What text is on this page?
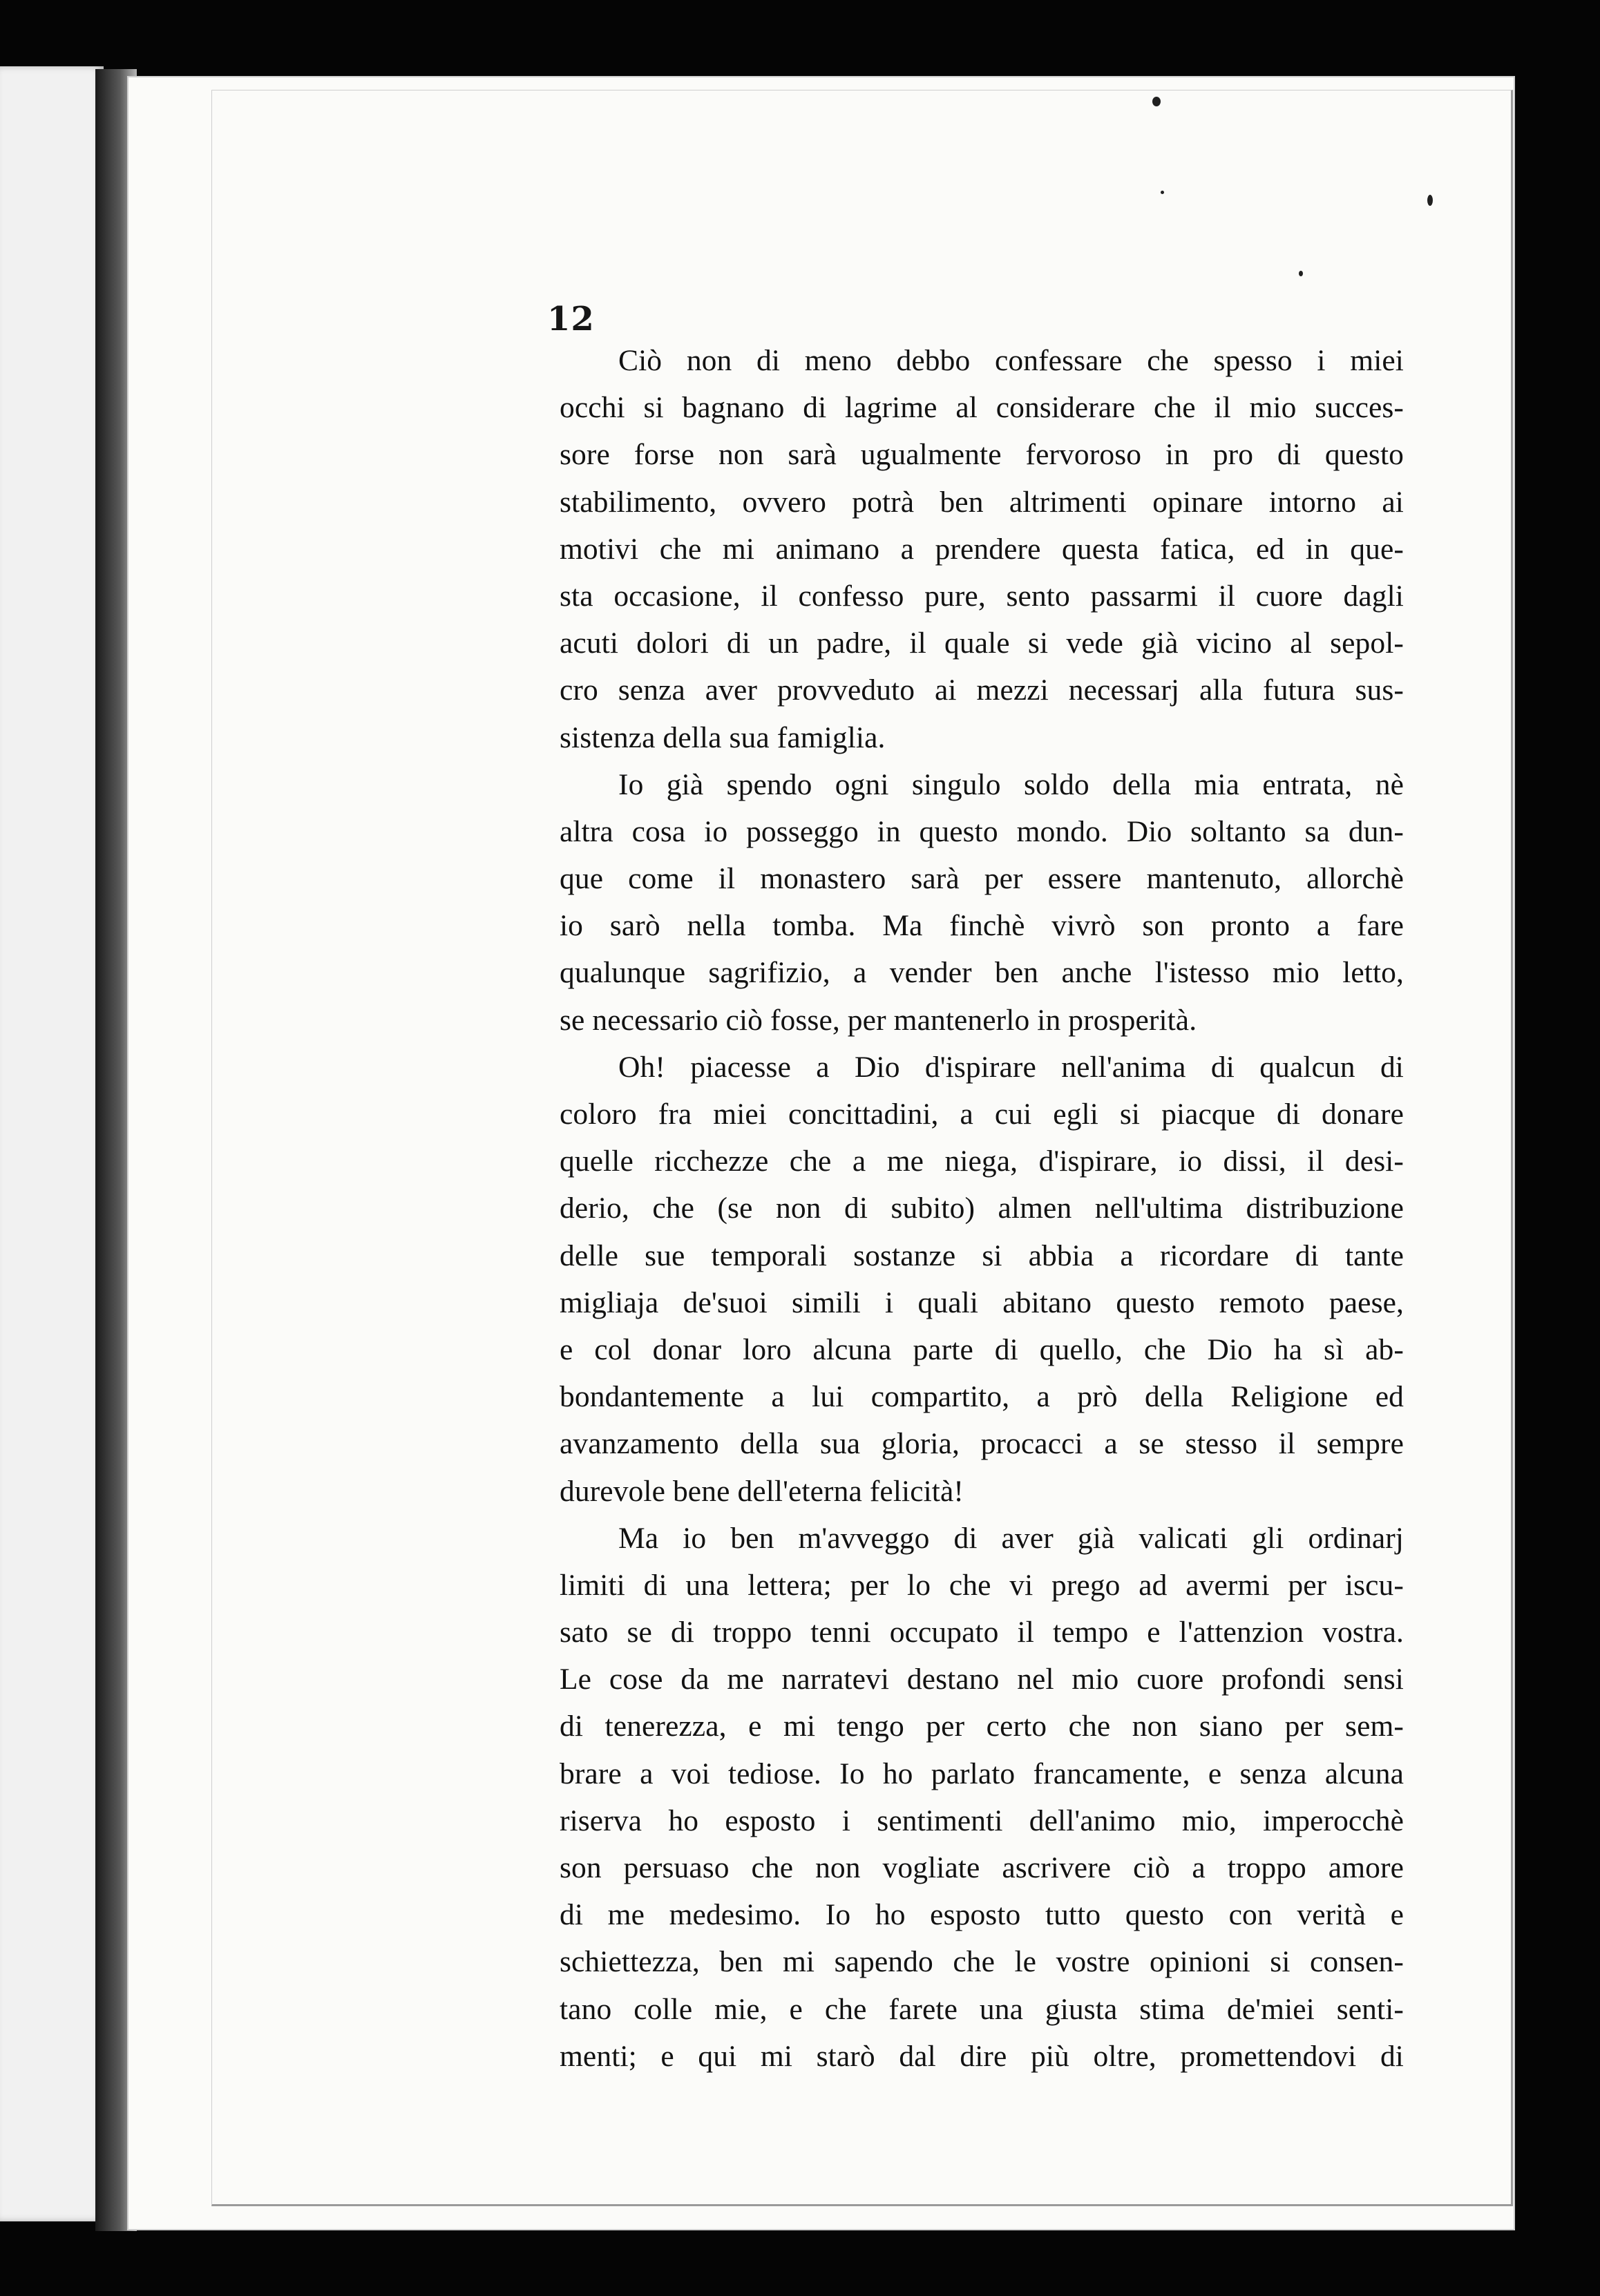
12
Ciò non di meno debbo confessare che spesso i miei
occhi si bagnano di lagrime al considerare che il mio succes-
sore forse non sarà ugualmente fervoroso in pro di questo
stabilimento, ovvero potrà ben altrimenti opinare intorno ai
motivi che mi animano a prendere questa fatica, ed in que-
sta occasione, il confesso pure, sento passarmi il cuore dagli
acuti dolori di un padre, il quale si vede già vicino al sepol-
cro senza aver provveduto ai mezzi necessarj alla futura sus-
sistenza della sua famiglia.
Io già spendo ogni singulo soldo della mia entrata, nè
altra cosa io posseggo in questo mondo. Dio soltanto sa dun-
que come il monastero sarà per essere mantenuto, allorchè
io sarò nella tomba. Ma finchè vivrò son pronto a fare
qualunque sagrifizio, a vender ben anche l'istesso mio letto,
se necessario ciò fosse, per mantenerlo in prosperità.
Oh! piacesse a Dio d'ispirare nell'anima di qualcun di
coloro fra miei concittadini, a cui egli si piacque di donare
quelle ricchezze che a me niega, d'ispirare, io dissi, il desi-
derio, che (se non di subito) almen nell'ultima distribuzione
delle sue temporali sostanze si abbia a ricordare di tante
migliaja de'suoi simili i quali abitano questo remoto paese,
e col donar loro alcuna parte di quello, che Dio ha sì ab-
bondantemente a lui compartito, a prò della Religione ed
avanzamento della sua gloria, procacci a se stesso il sempre
durevole bene dell'eterna felicità!
Ma io ben m'avveggo di aver già valicati gli ordinarj
limiti di una lettera; per lo che vi prego ad avermi per iscu-
sato se di troppo tenni occupato il tempo e l'attenzion vostra.
Le cose da me narratevi destano nel mio cuore profondi sensi
di tenerezza, e mi tengo per certo che non siano per sem-
brare a voi tediose. Io ho parlato francamente, e senza alcuna
riserva ho esposto i sentimenti dell'animo mio, imperocchè
son persuaso che non vogliate ascrivere ciò a troppo amore
di me medesimo. Io ho esposto tutto questo con verità e
schiettezza, ben mi sapendo che le vostre opinioni si consen-
tano colle mie, e che farete una giusta stima de'miei senti-
menti; e qui mi starò dal dire più oltre, promettendovi di
